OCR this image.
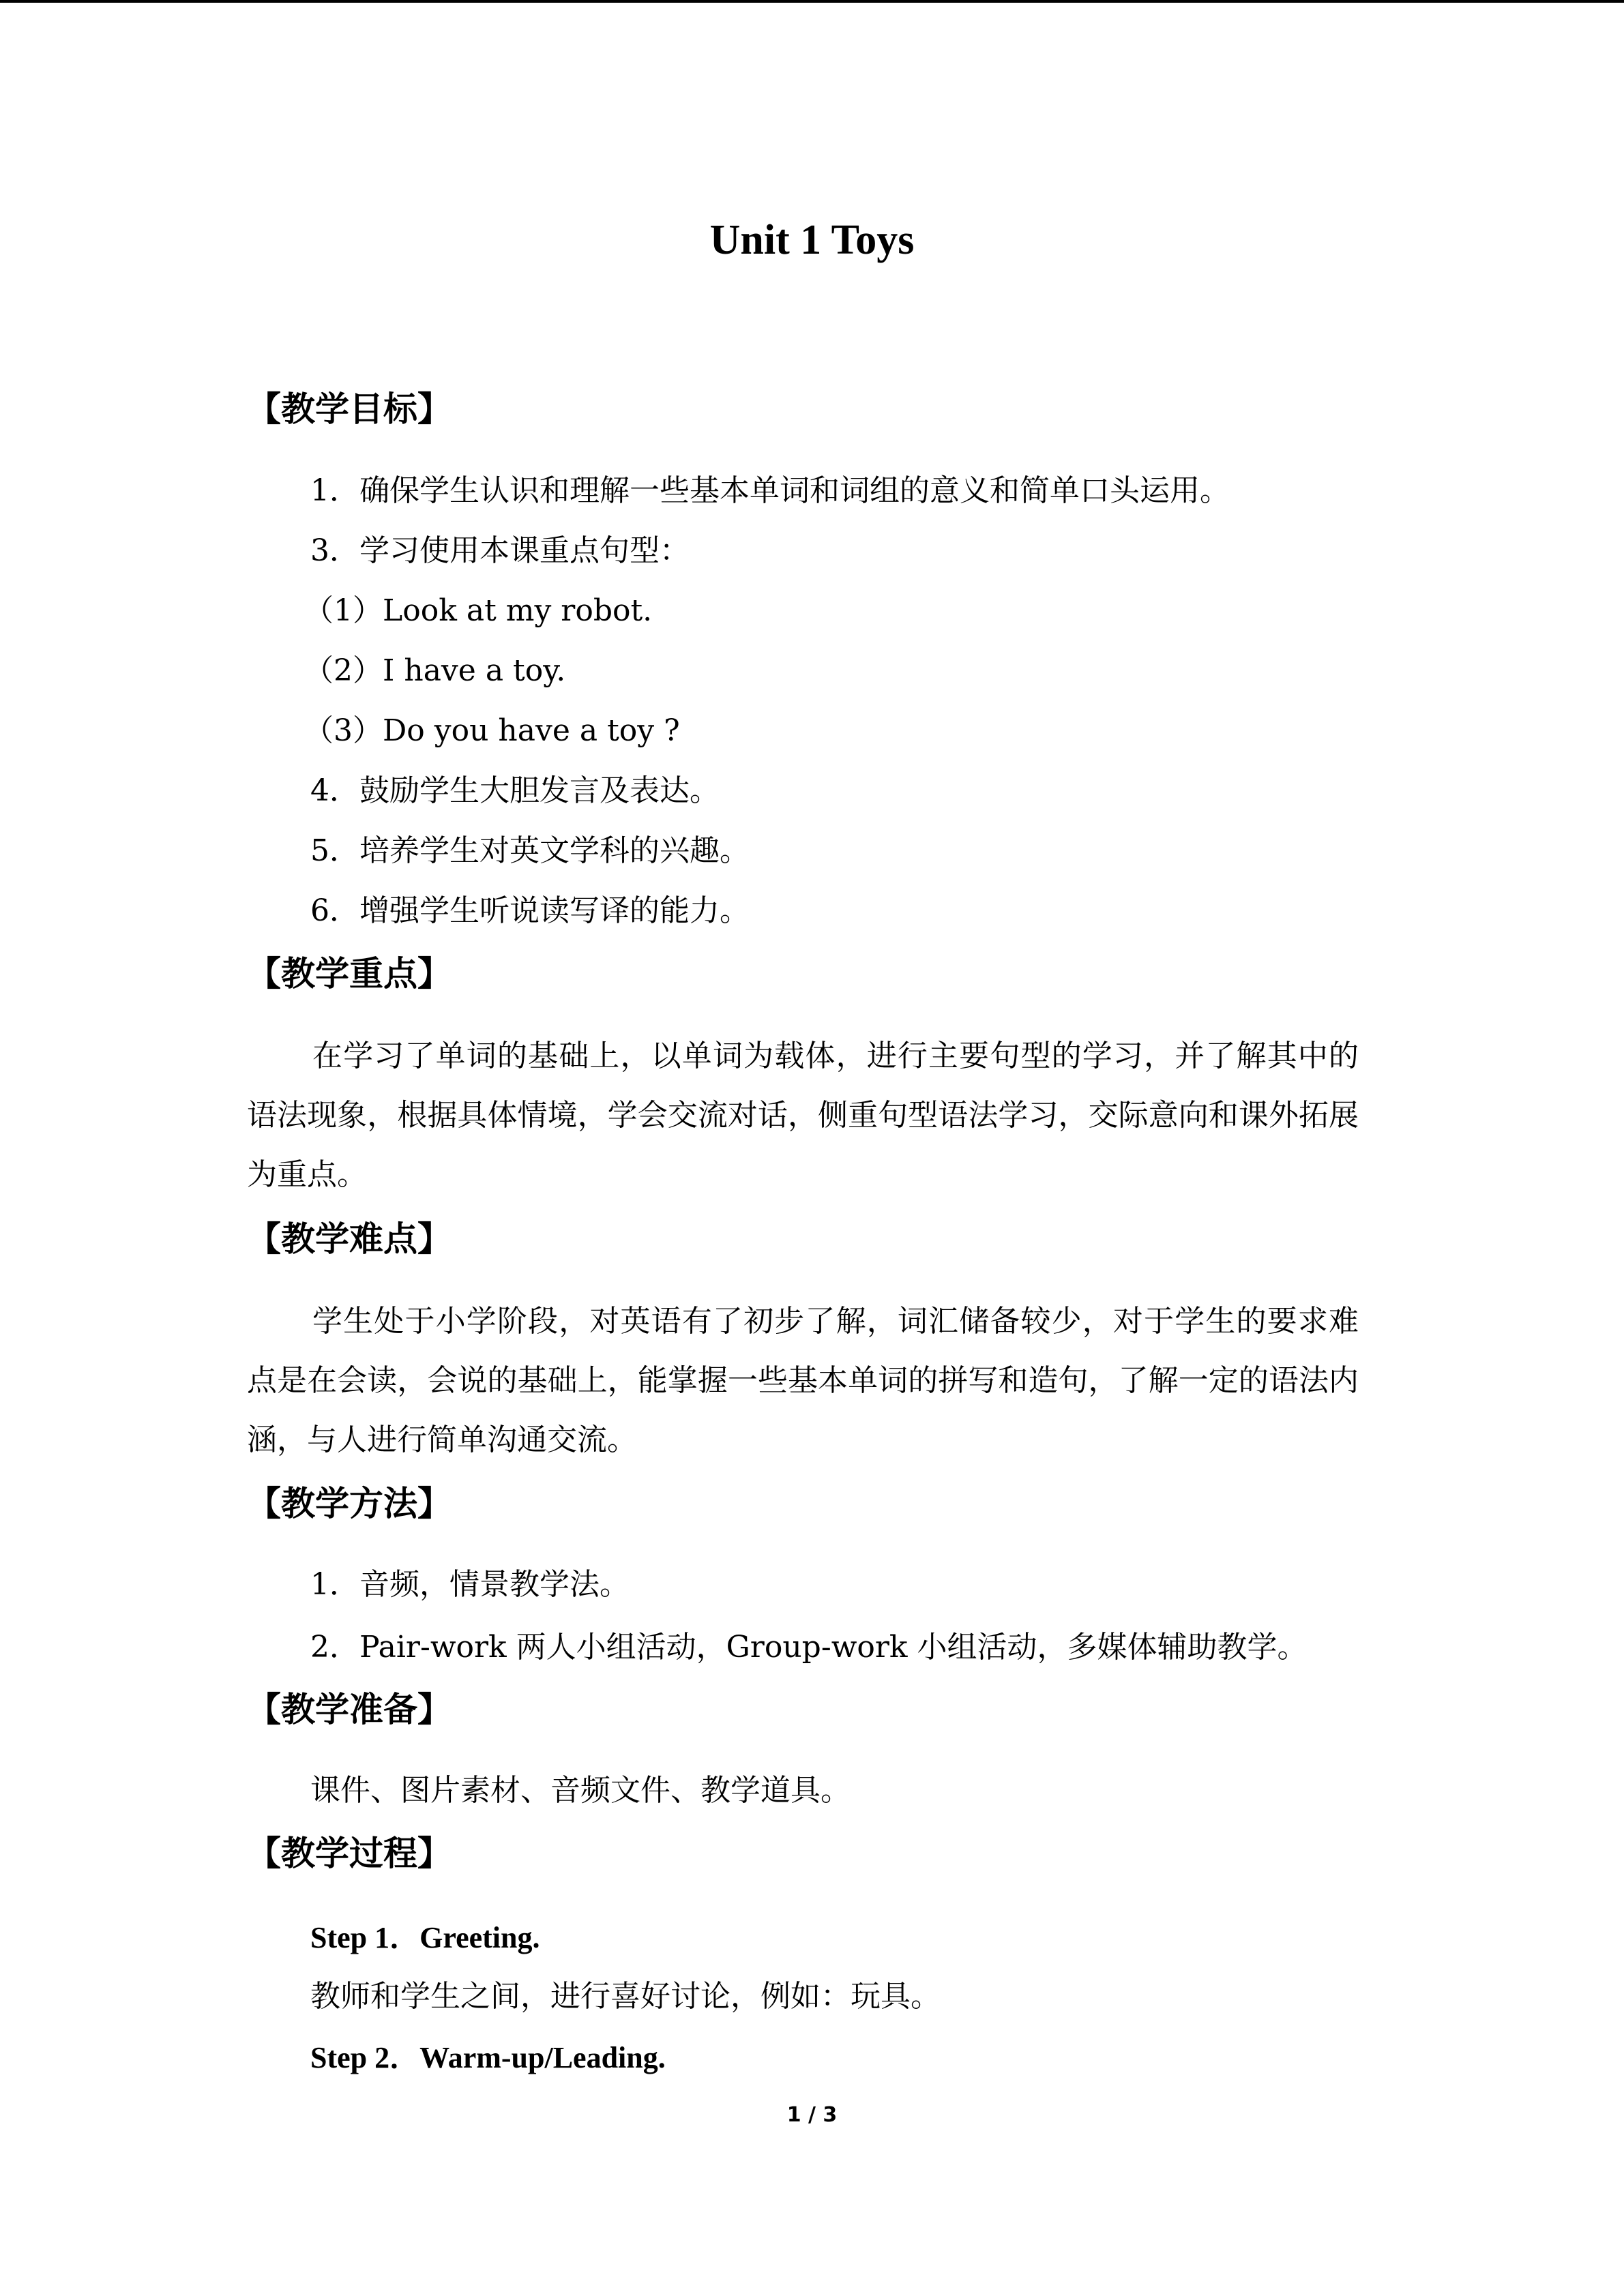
Unit 1 Toys
【教学目标】
1．确保学生认识和理解一些基本单词和词组的意义和简单口头运用。
3．学习使用本课重点句型：
（1）Look at my robot.
（2）I have a toy.
（3）Do you have a toy ?
4．鼓励学生大胆发言及表达。
5．培养学生对英文学科的兴趣。
6．增强学生听说读写译的能力。
【教学重点】
在学习了单词的基础上，以单词为载体，进行主要句型的学习，并了解其中的语法现象，根据具体情境，学会交流对话，侧重句型语法学习，交际意向和课外拓展为重点。
【教学难点】
学生处于小学阶段，对英语有了初步了解，词汇储备较少，对于学生的要求难点是在会读，会说的基础上，能掌握一些基本单词的拼写和造句，了解一定的语法内涵，与人进行简单沟通交流。
【教学方法】
1．音频，情景教学法。
2．Pair-work 两人小组活动，Group-work 小组活动，多媒体辅助教学。
【教学准备】
课件、图片素材、音频文件、教学道具。
【教学过程】
Step 1．Greeting.
教师和学生之间，进行喜好讨论，例如：玩具。
Step 2．Warm-up/Leading.
1 / 3
